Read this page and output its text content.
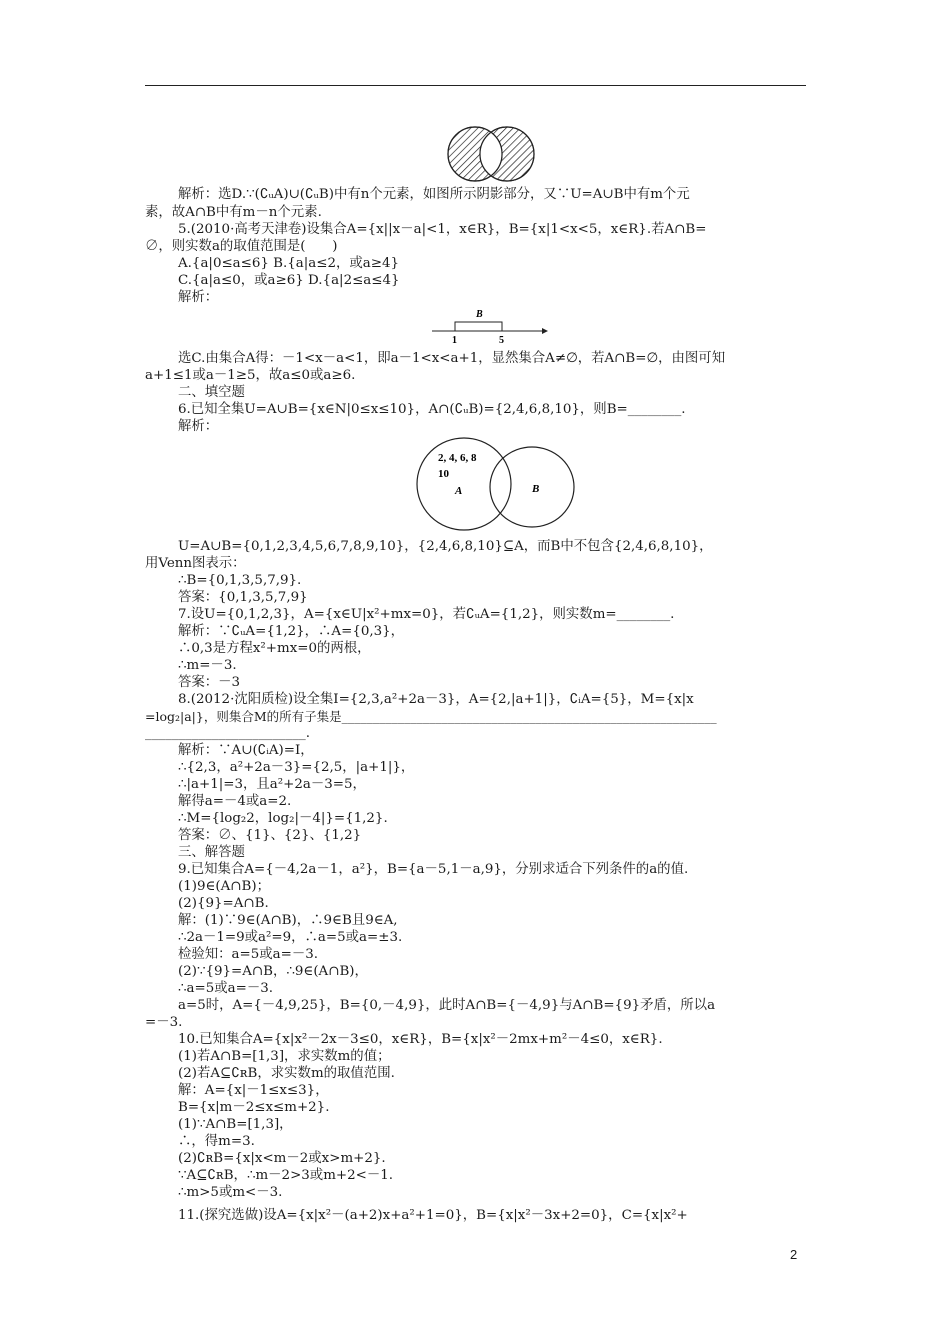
B
1	5
2, 4, 6, 8
10
A	B
解析：选D.∵(∁ᵤA)∪(∁ᵤB)中有n个元素，如图所示阴影部分，又∵U=A∪B中有m个元
素，故A∩B中有m－n个元素.
5.(2010·高考天津卷)设集合A={x||x－a|<1，x∈R}，B={x|1<x<5，x∈R}.若A∩B=
∅，则实数a的取值范围是(　　)
A.{a|0≤a≤6} B.{a|a≤2，或a≥4}
C.{a|a≤0，或a≥6} D.{a|2≤a≤4}
解析：
选C.由集合A得：－1<x－a<1，即a－1<x<a+1，显然集合A≠∅，若A∩B=∅，由图可知
a+1≤1或a－1≥5，故a≤0或a≥6.
二、填空题
6.已知全集U=A∪B={x∈N|0≤x≤10}，A∩(∁ᵤB)={2,4,6,8,10}，则B=________.
解析：
U=A∪B={0,1,2,3,4,5,6,7,8,9,10}，{2,4,6,8,10}⊆A，而B中不包含{2,4,6,8,10}，
用Venn图表示：
∴B={0,1,3,5,7,9}.
答案：{0,1,3,5,7,9}
7.设U={0,1,2,3}，A={x∈U|x²+mx=0}，若∁ᵤA={1,2}，则实数m=________.
解析：∵∁ᵤA={1,2}，∴A={0,3}，
∴0,3是方程x²+mx=0的两根，
∴m=－3.
答案：－3
8.(2012·沈阳质检)设全集I={2,3,a²+2a－3}，A={2,|a+1|}，∁ᵢA={5}，M={x|x
=log₂|a|}，则集合M的所有子集是____________________________________________________________
________________________.
解析：∵A∪(∁ᵢA)=I，
∴{2,3，a²+2a－3}={2,5，|a+1|}，
∴|a+1|=3，且a²+2a－3=5，
解得a=－4或a=2.
∴M={log₂2，log₂|－4|}={1,2}.
答案：∅、{1}、{2}、{1,2}
三、解答题
9.已知集合A={－4,2a－1，a²}，B={a－5,1－a,9}，分别求适合下列条件的a的值.
(1)9∈(A∩B)；
(2){9}=A∩B.
解：(1)∵9∈(A∩B)，∴9∈B且9∈A,
∴2a－1=9或a²=9，∴a=5或a=±3.
检验知：a=5或a=－3.
(2)∵{9}=A∩B，∴9∈(A∩B)，
∴a=5或a=－3.
a=5时，A={－4,9,25}，B={0,－4,9}，此时A∩B={－4,9}与A∩B={9}矛盾，所以a
=－3.
10.已知集合A={x|x²－2x－3≤0，x∈R}，B={x|x²－2mx+m²－4≤0，x∈R}.
(1)若A∩B=[1,3]，求实数m的值；
(2)若A⊆∁ʀB，求实数m的取值范围.
解：A={x|－1≤x≤3}，
B={x|m－2≤x≤m+2}.
(1)∵A∩B=[1,3]，
∴，得m=3.
(2)∁ʀB={x|x<m－2或x>m+2}.
∵A⊆∁ʀB，∴m－2>3或m+2<－1.
∴m>5或m<－3.
11.(探究选做)设A={x|x²－(a+2)x+a²+1=0}，B={x|x²－3x+2=0}，C={x|x²+
2
